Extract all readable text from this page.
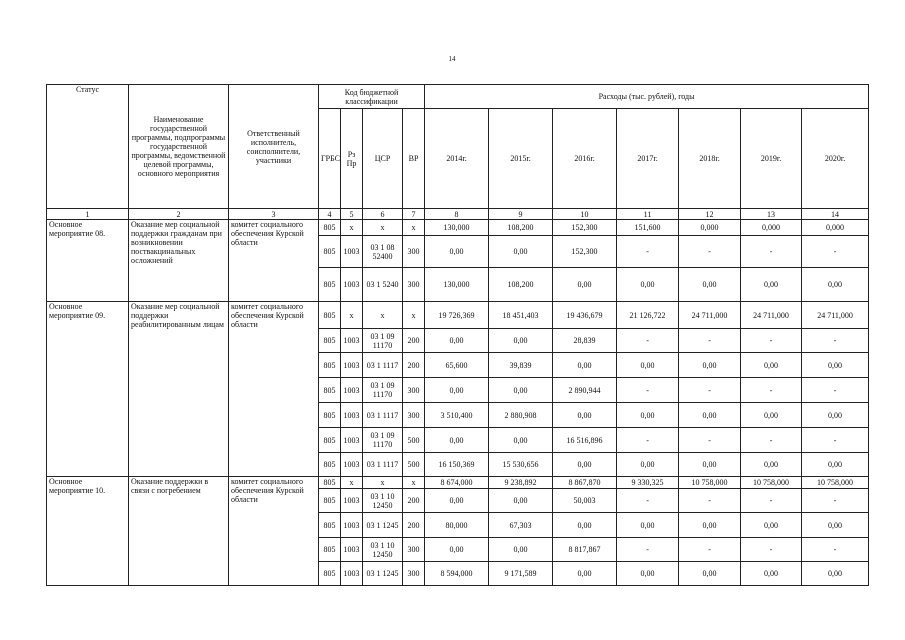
14
Статус	Наименование государственной программы, подпрограммы государственной программы, ведомственной целевой программы, основного мероприятия	Ответственный исполнитель, соисполнители, участники	Код бюджетной классификации				Расходы (тыс. рублей), годы						
			ГРБС	Рз Пр	ЦСР	ВР	2014г.	2015г.	2016г.	2017г.	2018г.	2019г.	2020г.
1	2	3	4	5	6	7	8	9	10	11	12	13	14
Основное мероприятие 08.	Оказание мер социальной поддержки гражданам при возникновении поствакцинальных осложнений	комитет социального обеспечения Курской области	805	х	х	х	130,000	108,200	152,300	151,600	0,000	0,000	0,000
			805	1003	03 1 08 52400	300	0,00	0,00	152,300	-	-	-	-
			805	1003	03 1 5240	300	130,000	108,200	0,00	0,00	0,00	0,00	0,00
Основное мероприятие 09.	Оказание мер социальной поддержки реабилитированным лицам	комитет социального обеспечения Курской области	805	х	х	х	19 726,369	18 451,403	19 436,679	21 126,722	24 711,000	24 711,000	24 711,000
			805	1003	03 1 09 11170	200	0,00	0,00	28,839	-	-	-	-
			805	1003	03 1 1117	200	65,600	39,839	0,00	0,00	0,00	0,00	0,00
			805	1003	03 1 09 11170	300	0,00	0,00	2 890,944	-	-	-	-
			805	1003	03 1 1117	300	3 510,400	2 880,908	0,00	0,00	0,00	0,00	0,00
			805	1003	03 1 09 11170	500	0,00	0,00	16 516,896	-	-	-	-
			805	1003	03 1 1117	500	16 150,369	15 530,656	0,00	0,00	0,00	0,00	0,00
Основное мероприятие 10.	Оказание поддержки в связи с погребением	комитет социального обеспечения Курской области	805	х	х	х	8 674,000	9 238,892	8 867,870	9 330,325	10 758,000	10 758,000	10 758,000
			805	1003	03 1 10 12450	200	0,00	0,00	50,003	-	-	-	-
			805	1003	03 1 1245	200	80,000	67,303	0,00	0,00	0,00	0,00	0,00
			805	1003	03 1 10 12450	300	0,00	0,00	8 817,867	-	-	-	-
			805	1003	03 1 1245	300	8 594,000	9 171,589	0,00	0,00	0,00	0,00	0,00
